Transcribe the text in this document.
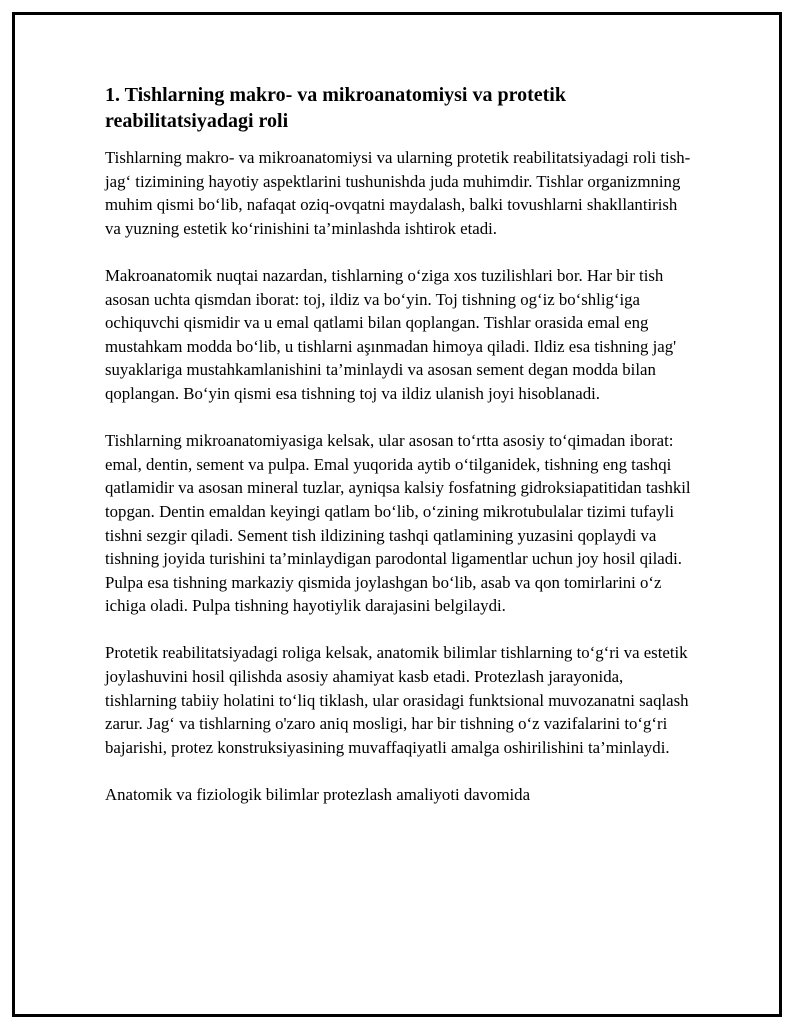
1. Tishlarning makro- va mikroanatomiysi va protetik reabilitatsiyadagi roli

Tishlarning makro- va mikroanatomiysi va ularning protetik reabilitatsiyadagi roli tish-jag‘ tizimining hayotiy aspektlarini tushunishda juda muhimdir. Tishlar organizmning muhim qismi bo‘lib, nafaqat oziq-ovqatni maydalash, balki tovushlarni shakllantirish va yuzning estetik ko‘rinishini ta’minlashda ishtirok etadi.

Makroanatomik nuqtai nazardan, tishlarning o‘ziga xos tuzilishlari bor. Har bir tish asosan uchta qismdan iborat: toj, ildiz va bo‘yin. Toj tishning og‘iz bo‘shlig‘iga ochiquvchi qismidir va u emal qatlami bilan qoplangan. Tishlar orasida emal eng mustahkam modda bo‘lib, u tishlarni aşınmadan himoya qiladi. Ildiz esa tishning jag' suyaklariga mustahkamlanishini ta’minlaydi va asosan sement degan modda bilan qoplangan. Bo‘yin qismi esa tishning toj va ildiz ulanish joyi hisoblanadi.

Tishlarning mikroanatomiyasiga kelsak, ular asosan to‘rtta asosiy to‘qimadan iborat: emal, dentin, sement va pulpa. Emal yuqorida aytib o‘tilganidek, tishning eng tashqi qatlamidir va asosan mineral tuzlar, ayniqsa kalsiy fosfatning gidroksiapatitidan tashkil topgan. Dentin emaldan keyingi qatlam bo‘lib, o‘zining mikrotubulalar tizimi tufayli tishni sezgir qiladi. Sement tish ildizining tashqi qatlamining yuzasini qoplaydi va tishning joyida turishini ta’minlaydigan parodontal ligamentlar uchun joy hosil qiladi. Pulpa esa tishning markaziy qismida joylashgan bo‘lib, asab va qon tomirlarini o‘z ichiga oladi. Pulpa tishning hayotiylik darajasini belgilaydi.

Protetik reabilitatsiyadagi roliga kelsak, anatomik bilimlar tishlarning to‘g‘ri va estetik joylashuvini hosil qilishda asosiy ahamiyat kasb etadi. Protezlash jarayonida, tishlarning tabiiy holatini to‘liq tiklash, ular orasidagi funktsional muvozanatni saqlash zarur. Jag‘ va tishlarning o'zaro aniq mosligi, har bir tishning o‘z vazifalarini to‘g‘ri bajarishi, protez konstruksiyasining muvaffaqiyatli amalga oshirilishini ta’minlaydi.

Anatomik va fiziologik bilimlar protezlash amaliyoti davomida
